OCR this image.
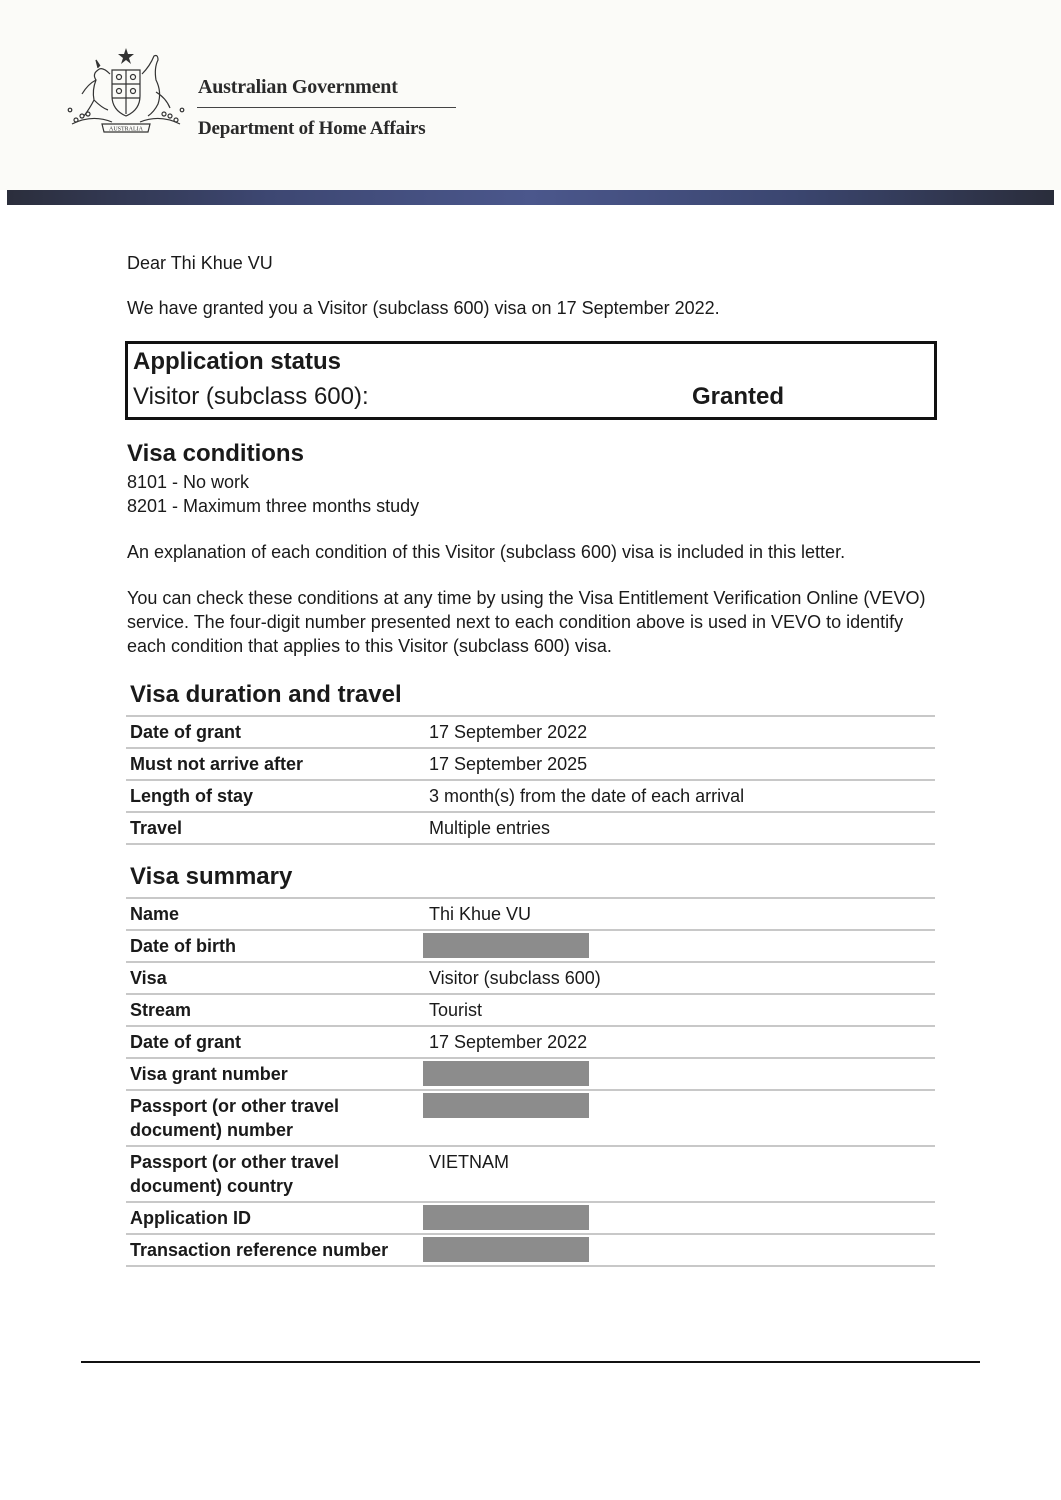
AUSTRALIA
Australian Government
Department of Home Affairs

Dear Thi Khue VU

We have granted you a Visitor (subclass 600) visa on 17 September 2022.

Application status
Visitor (subclass 600):	Granted
Visa conditions
8101 - No work
8201 - Maximum three months study

An explanation of each condition of this Visitor (subclass 600) visa is included in this letter.

You can check these conditions at any time by using the Visa Entitlement Verification Online (VEVO) service. The four-digit number presented next to each condition above is used in VEVO to identify each condition that applies to this Visitor (subclass 600) visa.

Visa duration and travel
Date of grant	17 September 2022
Must not arrive after	17 September 2025
Length of stay	3 month(s) from the date of each arrival
Travel	Multiple entries
Visa summary
Name	Thi Khue VU
Date of birth	
Visa	Visitor (subclass 600)
Stream	Tourist
Date of grant	17 September 2022
Visa grant number	
Passport (or other travel document) number	
Passport (or other travel document) country	VIETNAM
Application ID	
Transaction reference number	
